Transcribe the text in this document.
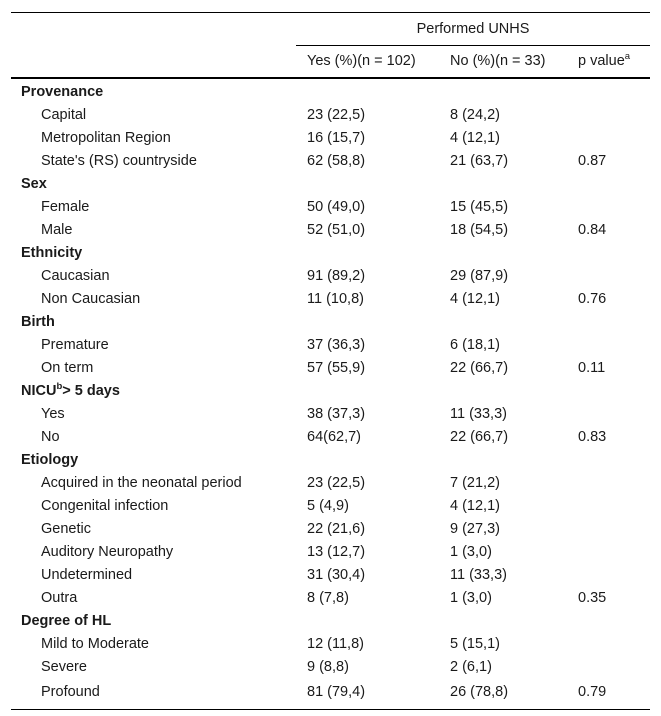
	Performed UNHS		
	Yes (%)(n = 102)	No (%)(n = 33)	p value$^a$
Provenance			
Capital	23 (22,5)	8 (24,2)	
Metropolitan Region	16 (15,7)	4 (12,1)	
State's (RS) countryside	62 (58,8)	21 (63,7)	0.87
Sex			
Female	50 (49,0)	15 (45,5)	
Male	52 (51,0)	18 (54,5)	0.84
Ethnicity			
Caucasian	91 (89,2)	29 (87,9)	
Non Caucasian	11 (10,8)	4 (12,1)	0.76
Birth			
Premature	37 (36,3)	6 (18,1)	
On term	57 (55,9)	22 (66,7)	0.11
$NICU^b> 5$ days			
Yes	38 (37,3)	11 (33,3)	
No	64(62,7)	22 (66,7)	0.83
Etiology			
Acquired in the neonatal period	23 (22,5)	7 (21,2)	
Congenital infection	5 (4,9)	4 (12,1)	
Genetic	22 (21,6)	9 (27,3)	
Auditory Neuropathy	13 (12,7)	1 (3,0)	
Undetermined	31 (30,4)	11 (33,3)	
Outra	8 (7,8)	1 (3,0)	0.35
Degree of HL			
Mild to Moderate	12 (11,8)	5 (15,1)	
Severe	9 (8,8)	2 (6,1)	
Profound	81 (79,4)	26 (78,8)	0.79
